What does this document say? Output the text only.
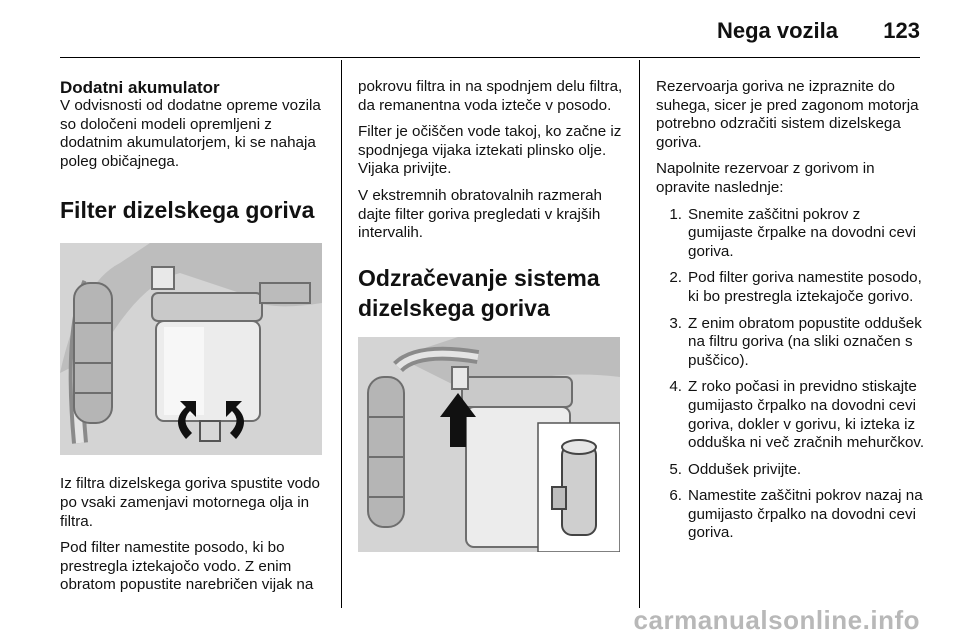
Nega vozila 123
Dodatni akumulator

V odvisnosti od dodatne opreme vozila so določeni modeli opremljeni z dodatnim akumulatorjem, ki se nahaja poleg običajnega.

Filter dizelskega goriva

Iz filtra dizelskega goriva spustite vodo po vsaki zamenjavi motornega olja in filtra.

Pod filter namestite posodo, ki bo prestregla iztekajočo vodo. Z enim obratom popustite narebričen vijak na

pokrovu filtra in na spodnjem delu filtra, da remanentna voda izteče v posodo.

Filter je očiščen vode takoj, ko začne iz spodnjega vijaka iztekati plinsko olje. Vijaka privijte.

V ekstremnih obratovalnih razmerah dajte filter goriva pregledati v krajših intervalih.

Odzračevanje sistema dizelskega goriva

Rezervoarja goriva ne izpraznite do suhega, sicer je pred zagonom motorja potrebno odzračiti sistem dizelskega goriva.

Napolnite rezervoar z gorivom in opravite naslednje:

1. Snemite zaščitni pokrov z gumijaste črpalke na dovodni cevi goriva.
2. Pod filter goriva namestite posodo, ki bo prestregla iztekajoče gorivo.
3. Z enim obratom popustite oddušek na filtru goriva (na sliki označen s puščico).
4. Z roko počasi in previdno stiskajte gumijasto črpalko na dovodni cevi goriva, dokler v gorivu, ki izteka iz odduška ni več zračnih mehurčkov.
5. Oddušek privijte.
6. Namestite zaščitni pokrov nazaj na gumijasto črpalko na dovodni cevi goriva.
carmanualsonline.info
